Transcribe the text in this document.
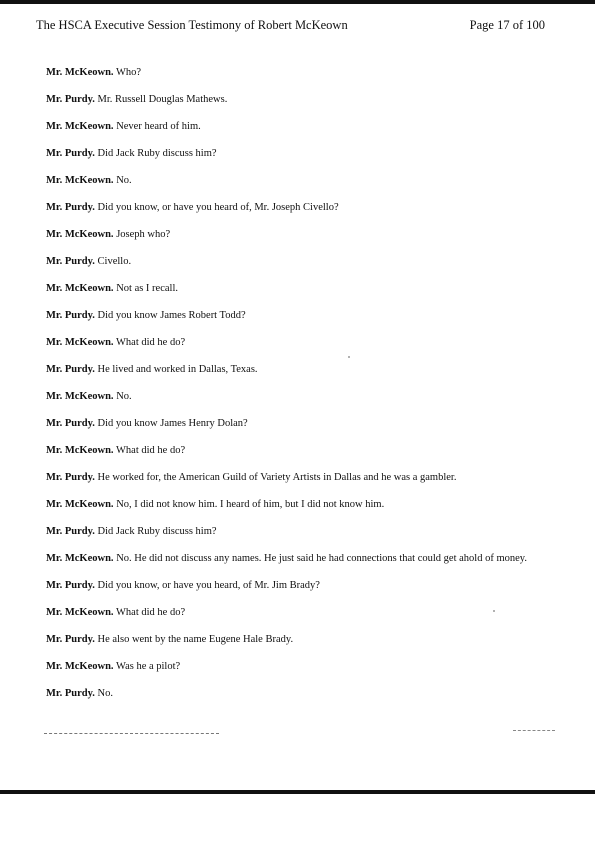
The HSCA Executive Session Testimony of Robert McKeown	Page 17 of 100
Mr. McKeown. Who?
Mr. Purdy. Mr. Russell Douglas Mathews.
Mr. McKeown. Never heard of him.
Mr. Purdy. Did Jack Ruby discuss him?
Mr. McKeown. No.
Mr. Purdy. Did you know, or have you heard of, Mr. Joseph Civello?
Mr. McKeown. Joseph who?
Mr. Purdy. Civello.
Mr. McKeown. Not as I recall.
Mr. Purdy. Did you know James Robert Todd?
Mr. McKeown. What did he do?
Mr. Purdy. He lived and worked in Dallas, Texas.
Mr. McKeown. No.
Mr. Purdy. Did you know James Henry Dolan?
Mr. McKeown. What did he do?
Mr. Purdy. He worked for, the American Guild of Variety Artists in Dallas and he was a gambler.
Mr. McKeown. No, I did not know him. I heard of him, but I did not know him.
Mr. Purdy. Did Jack Ruby discuss him?
Mr. McKeown. No. He did not discuss any names. He just said he had connections that could get ahold of money.
Mr. Purdy. Did you know, or have you heard, of Mr. Jim Brady?
Mr. McKeown. What did he do?
Mr. Purdy. He also went by the name Eugene Hale Brady.
Mr. McKeown. Was he a pilot?
Mr. Purdy. No.
